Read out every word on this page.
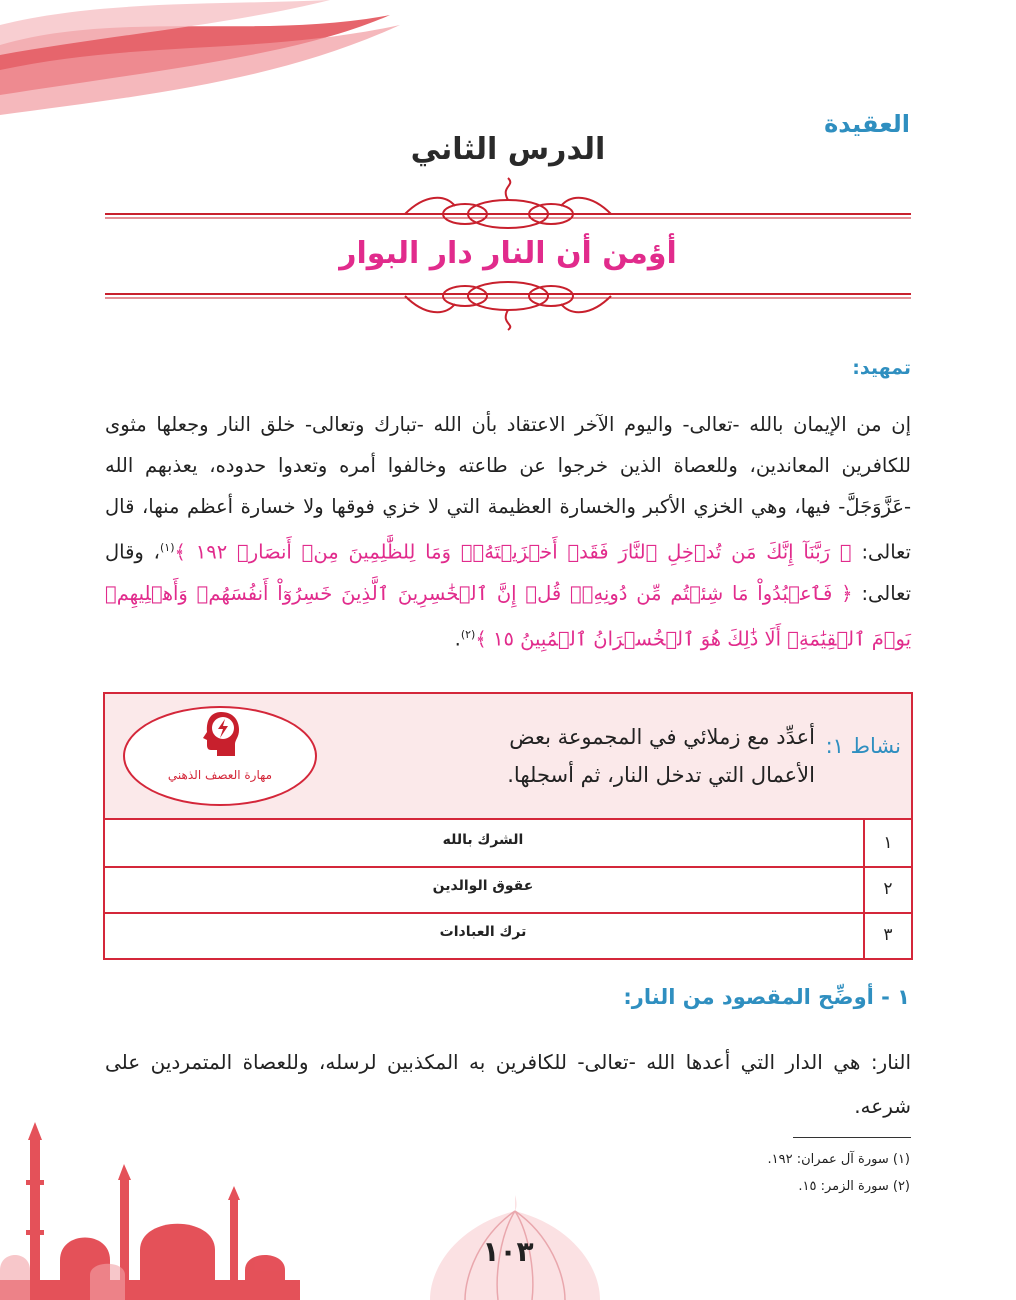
العقيدة
الدرس الثاني
أؤمن أن النار دار البوار
تمهيد:
إن من الإيمان بالله -تعالى- واليوم الآخر الاعتقاد بأن الله -تبارك وتعالى- خلق النار وجعلها مثوى للكافرين المعاندين، وللعصاة الذين خرجوا عن طاعته وخالفوا أمره وتعدوا حدوده، يعذبهم الله -عَزَّوَجَلَّ- فيها، وهي الخزي الأكبر والخسارة العظيمة التي لا خزي فوقها ولا خسارة أعظم منها، قال تعالى: ﴿ رَبَّنَآ إِنَّكَ مَن تُدۡخِلِ ٱلنَّارَ فَقَدۡ أَخۡزَيۡتَهُۥۖ وَمَا لِلظَّٰلِمِينَ مِنۡ أَنصَارٖ ١٩٢ ﴾$^{(١)}$، وقال تعالى: ﴿ فَٱعۡبُدُواْ مَا شِئۡتُم مِّن دُونِهِۦۗ قُلۡ إِنَّ ٱلۡخَٰسِرِينَ ٱلَّذِينَ خَسِرُوٓاْ أَنفُسَهُمۡ وَأَهۡلِيهِمۡ يَوۡمَ ٱلۡقِيَٰمَةِۗ أَلَا ذَٰلِكَ هُوَ ٱلۡخُسۡرَانُ ٱلۡمُبِينُ ١٥ ﴾$^{(٢)}$.
نشاط ١:
أعدِّد مع زملائي في المجموعة بعض الأعمال التي تدخل النار، ثم أسجلها.
مهارة العصف الذهني
١
الشرك بالله
٢
عقوق الوالدين
٣
ترك العبادات
١ - أوضِّح المقصود من النار:
النار: هي الدار التي أعدها الله -تعالى- للكافرين به المكذبين لرسله، وللعصاة المتمردين على شرعه.
(١) سورة آل عمران: ١٩٢.
(٢) سورة الزمر: ١٥.
١٠٣
